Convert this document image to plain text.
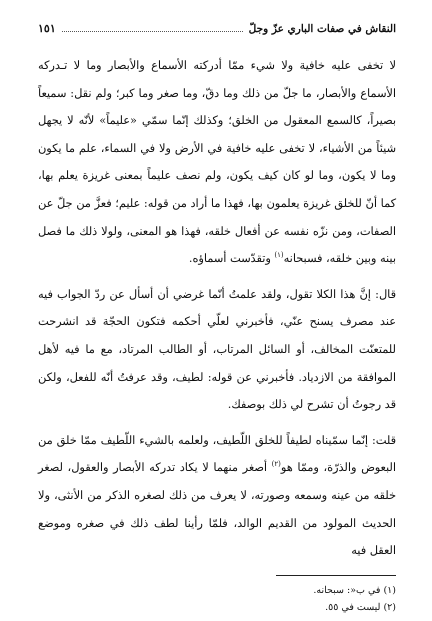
النقاش في صفات الباري عزّ وجلّ
١٥١

لا تخفى عليه خافية ولا شيء ممّا أدركته الأسماع والأبصار وما لا تـدركه الأسماع والأبصار، ما جلّ من ذلك وما دقّ، وما صغر وما كبر؛ ولم نقل: سميعاً بصيراً، كالسمع المعقول من الخلق؛ وكذلك إنّما سمّي «عليماً» لأنّه لا يجهل شيئاً من الأشياء، لا تخفى عليه خافية في الأرض ولا في السماء، علم ما يكون وما لا يكون، وما لو كان كيف يكون، ولم نصف عليماً بمعنى غريزة يعلم بها، كما أنّ للخلق غريزة يعلمون بها، فهذا ما أراد من قوله: عليم؛ فعزَّ من جلّ عن الصفات، ومن نزّه نفسه عن أفعال خلقه، فهذا هو المعنى، ولولا ذلك ما فصل بينه وبين خلقه، فسبحانه$^{(١)}$ وتقدّست أسماؤه.

قال: إنَّ هذا الكلا تقول، ولقد علمتُ أنّما غرضي أن أسأل عن ردّ الجواب فيه عند مصرف يسنح عنّي، فأخبرني لعلّي أحكمه فتكون الحجّة قد انشرحت للمتعنّت المخالف، أو السائل المرتاب، أو الطالب المرتاد، مع ما فيه لأهل الموافقة من الازدياد. فأخبرني عن قوله: لطيف، وقد عرفتُ أنّه للفعل، ولكن قد رجوتُ أن تشرح لي ذلك بوصفك.

قلت: إنّما سمّيناه لطيفاً للخلق اللّطيف، ولعلمه بالشيء اللّطيف ممّا خلق من البعوض والذرّة، وممّا هو$^{(٢)}$ أصغر منهما لا يكاد تدركه الأبصار والعقول، لصغر خلقه من عينه وسمعه وصورته، لا يعرف من ذلك لصغره الذكر من الأنثى، ولا الحديث المولود من القديم الوالد، فلمّا رأينا لطف ذلك في صغره وموضع العقل فيه

(١) في ب«: سبحانه.

(٢) ليست في ٥٥.
